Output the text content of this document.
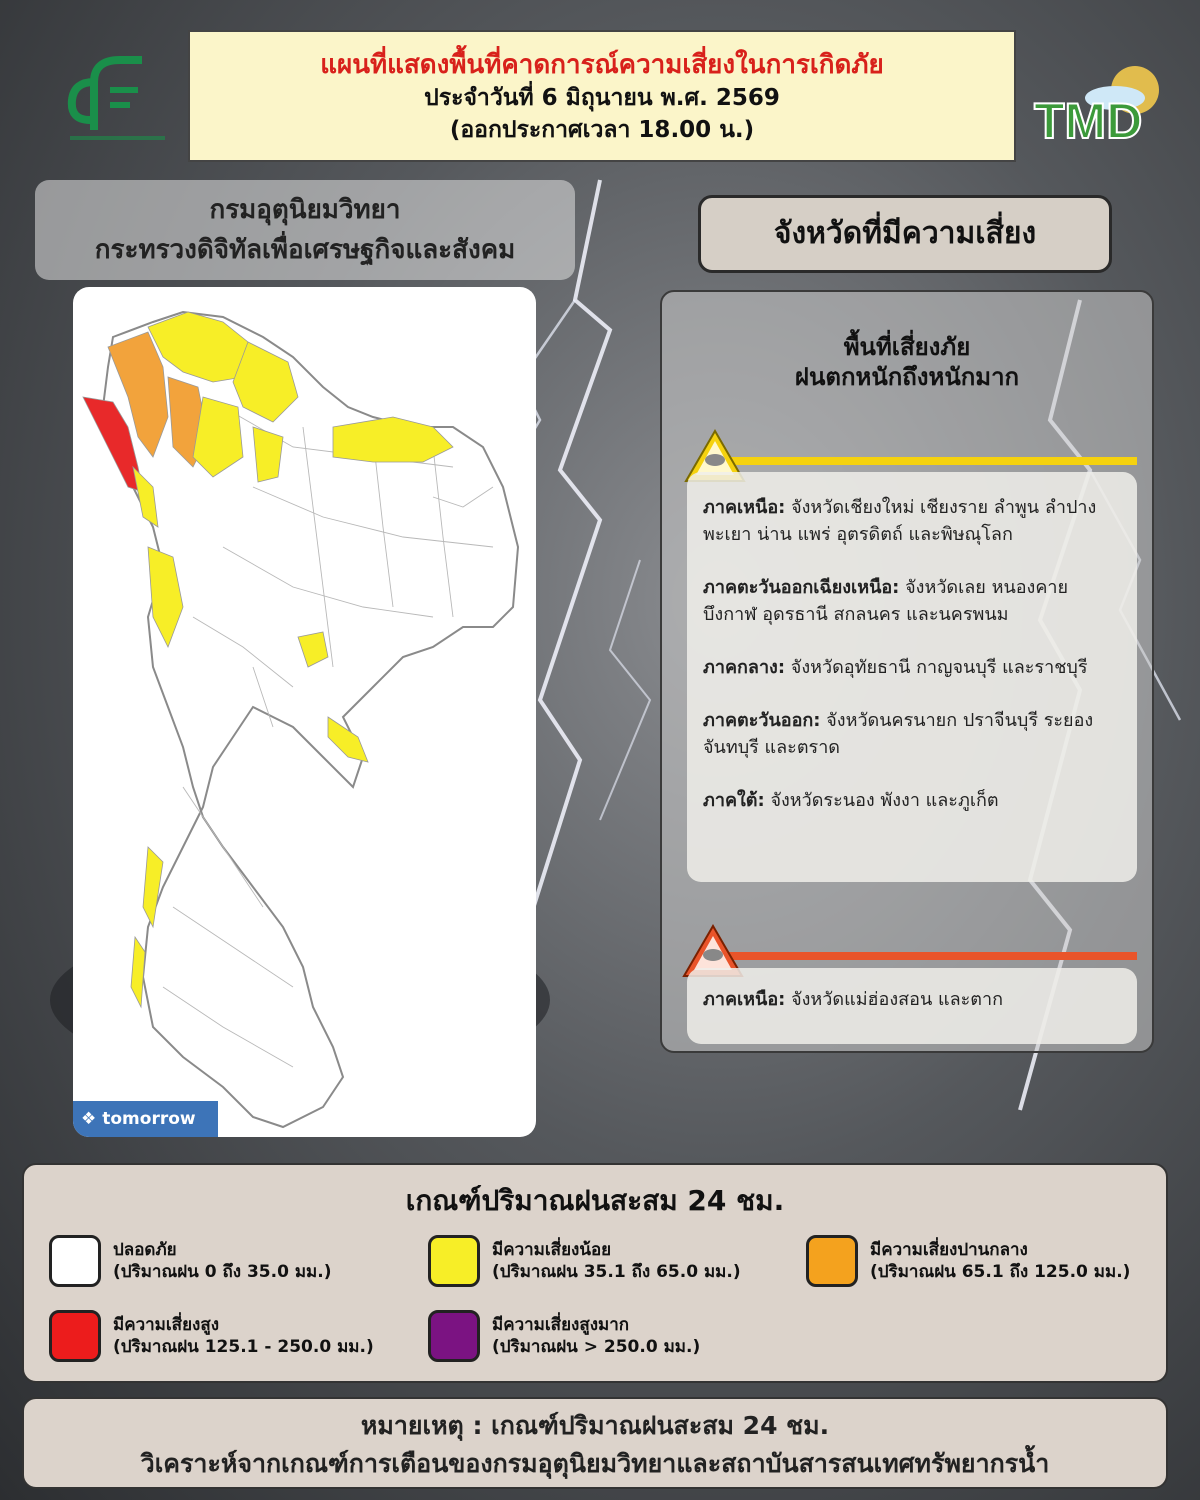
แผนที่แสดงพื้นที่คาดการณ์ความเสี่ยงในการเกิดภัย
ประจำวันที่ 6 มิถุนายน พ.ศ. 2569
(ออกประกาศเวลา 18.00 น.)	TMD
กรมอุตุนิยมวิทยา
กระทรวงดิจิทัลเพื่อเศรษฐกิจและสังคม
❖ tomorrow
จังหวัดที่มีความเสี่ยง
พื้นที่เสี่ยงภัย
ฝนตกหนักถึงหนักมาก
ภาคเหนือ: จังหวัดเชียงใหม่ เชียงราย ลำพูน ลำปาง พะเยา น่าน แพร่ อุตรดิตถ์ และพิษณุโลก
ภาคตะวันออกเฉียงเหนือ: จังหวัดเลย หนองคาย บึงกาฬ อุดรธานี สกลนคร และนครพนม
ภาคกลาง: จังหวัดอุทัยธานี กาญจนบุรี และราชบุรี
ภาคตะวันออก: จังหวัดนครนายก ปราจีนบุรี ระยอง จันทบุรี และตราด
ภาคใต้: จังหวัดระนอง พังงา และภูเก็ต
ภาคเหนือ: จังหวัดแม่ฮ่องสอน และตาก
เกณฑ์ปริมาณฝนสะสม 24 ชม.
ปลอดภัย
(ปริมาณฝน 0 ถึง 35.0 มม.)
มีความเสี่ยงน้อย
(ปริมาณฝน 35.1 ถึง 65.0 มม.)
มีความเสี่ยงปานกลาง
(ปริมาณฝน 65.1 ถึง 125.0 มม.)
มีความเสี่ยงสูง
(ปริมาณฝน 125.1 - 250.0 มม.)
มีความเสี่ยงสูงมาก
(ปริมาณฝน > 250.0 มม.)
หมายเหตุ : เกณฑ์ปริมาณฝนสะสม 24 ชม.
วิเคราะห์จากเกณฑ์การเตือนของกรมอุตุนิยมวิทยาและสถาบันสารสนเทศทรัพยากรน้ำ
